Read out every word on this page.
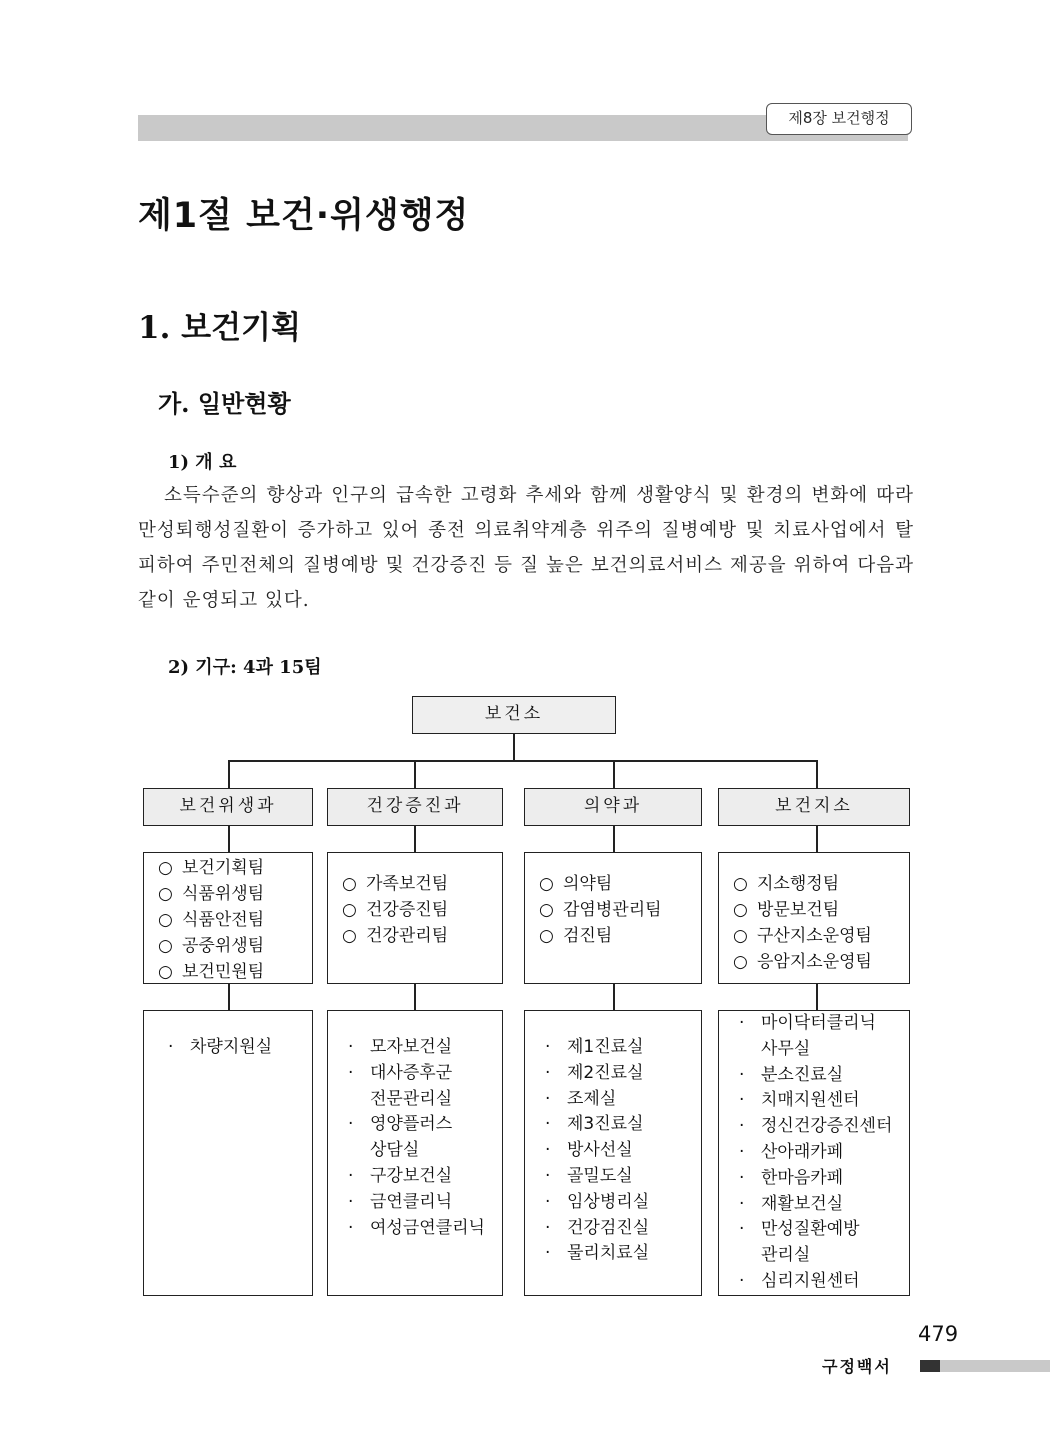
제8장 보건행정
제1절 보건·위생행정
1. 보건기획
가. 일반현황
1) 개 요
소득수준의 향상과 인구의 급속한 고령화 추세와 함께 생활양식 및 환경의 변화에 따라 만성퇴행성질환이 증가하고 있어 종전 의료취약계층 위주의 질병예방 및 치료사업에서 탈피하여 주민전체의 질병예방 및 건강증진 등 질 높은 보건의료서비스 제공을 위하여 다음과 같이 운영되고 있다.
2) 기구: 4과 15팀
보건소
보건위생과
○ 보건기획팀
○ 식품위생팀
○ 식품안전팀
○ 공중위생팀
○ 보건민원팀
· 차량지원실
건강증진과
○ 가족보건팀
○ 건강증진팀
○ 건강관리팀
· 모자보건실
· 대사증후군
전문관리실
· 영양플러스
상담실
· 구강보건실
· 금연클리닉
· 여성금연클리닉
의약과
○ 의약팀
○ 감염병관리팀
○ 검진팀
· 제1진료실
· 제2진료실
· 조제실
· 제3진료실
· 방사선실
· 골밀도실
· 임상병리실
· 건강검진실
· 물리치료실
보건지소
○ 지소행정팀
○ 방문보건팀
○ 구산지소운영팀
○ 응암지소운영팀
· 마이닥터클리닉
사무실
· 분소진료실
· 치매지원센터
· 정신건강증진센터
· 산아래카페
· 한마음카페
· 재활보건실
· 만성질환예방
관리실
· 심리지원센터
479
구정백서
